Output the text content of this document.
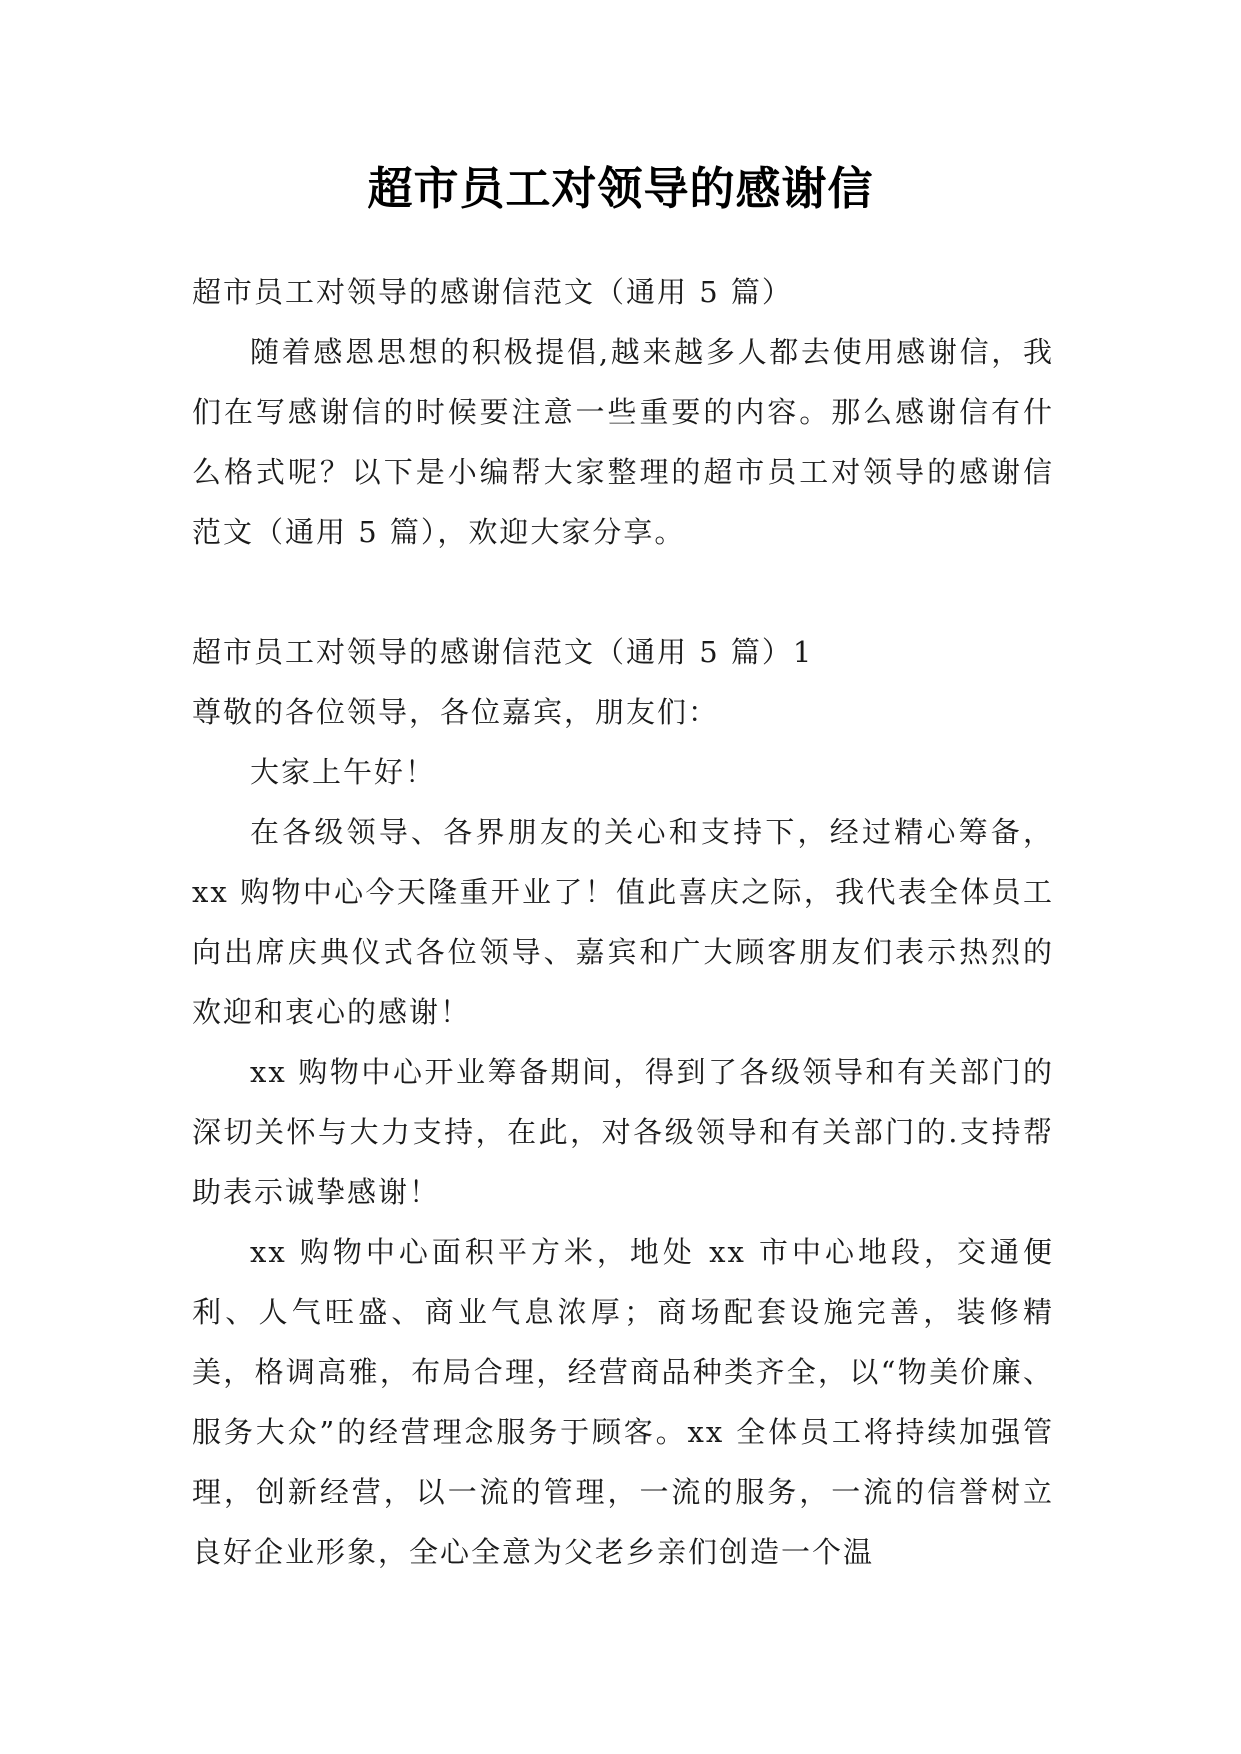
超市员工对领导的感谢信

超市员工对领导的感谢信范文（通用 5 篇）

随着感恩思想的积极提倡,越来越多人都去使用感谢信，我们在写感谢信的时候要注意一些重要的内容。那么感谢信有什么格式呢？以下是小编帮大家整理的超市员工对领导的感谢信范文（通用 5 篇），欢迎大家分享。

超市员工对领导的感谢信范文（通用 5 篇）1

尊敬的各位领导，各位嘉宾，朋友们：

大家上午好！

在各级领导、各界朋友的关心和支持下，经过精心筹备，xx 购物中心今天隆重开业了！值此喜庆之际，我代表全体员工向出席庆典仪式各位领导、嘉宾和广大顾客朋友们表示热烈的欢迎和衷心的感谢！

xx 购物中心开业筹备期间，得到了各级领导和有关部门的深切关怀与大力支持，在此，对各级领导和有关部门的.支持帮助表示诚挚感谢！

xx 购物中心面积平方米，地处 xx 市中心地段，交通便利、人气旺盛、商业气息浓厚；商场配套设施完善，装修精美，格调高雅，布局合理，经营商品种类齐全，以“物美价廉、服务大众”的经营理念服务于顾客。xx 全体员工将持续加强管理，创新经营，以一流的管理，一流的服务，一流的信誉树立良好企业形象，全心全意为父老乡亲们创造一个温
